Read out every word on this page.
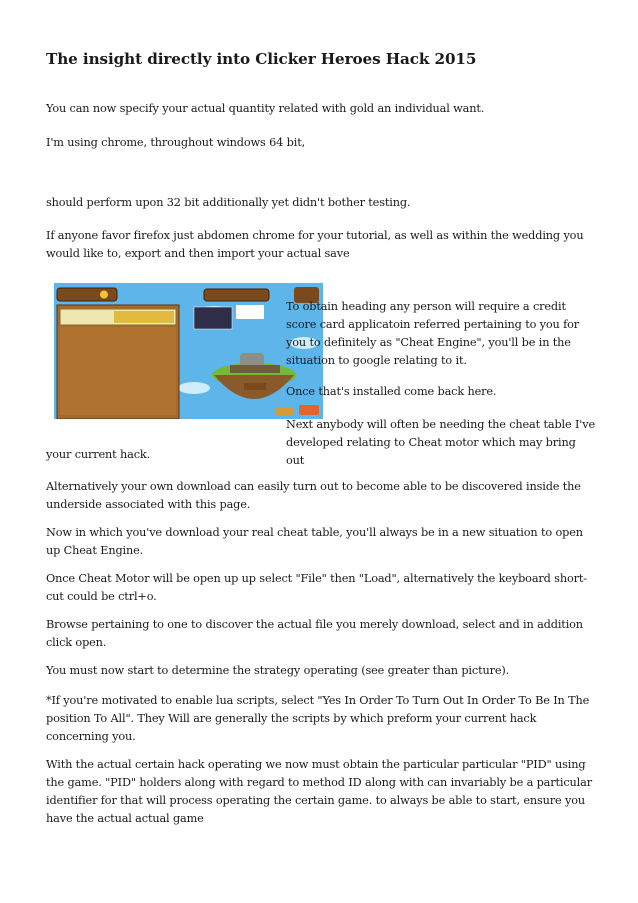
The insight directly into Clicker Heroes Hack 2015

You can now specify your actual quantity related with gold an individual want.

I'm using chrome, throughout windows 64 bit,

should perform upon 32 bit additionally yet didn't bother testing.

If anyone favor firefox just abdomen chrome for your tutorial, as well as within the wedding you would like to, export and then import your actual save

To obtain heading any person will require a credit score card applicatoin referred pertaining to you for you to definitely as "Cheat Engine", you'll be in the situation to google relating to it.

Once that's installed come back here.

Next anybody will often be needing the cheat table I've developed relating to Cheat motor which may bring out

your current hack.

Alternatively your own download can easily turn out to become able to be discovered inside the underside associated with this page.

Now in which you've download your real cheat table, you'll always be in a new situation to open up Cheat Engine.

Once Cheat Motor will be open up up select "File" then "Load", alternatively the keyboard short-cut could be ctrl+o.

Browse pertaining to one to discover the actual file you merely download, select and in addition click open.

You must now start to determine the strategy operating (see greater than picture).

*If you're motivated to enable lua scripts, select "Yes In Order To Turn Out In Order To Be In The position To All". They Will are generally the scripts by which preform your current hack concerning you.

With the actual certain hack operating we now must obtain the particular particular "PID" using the game. "PID" holders along with regard to method ID along with can invariably be a particular identifier for that will process operating the certain game. to always be able to start, ensure you have the actual actual game
